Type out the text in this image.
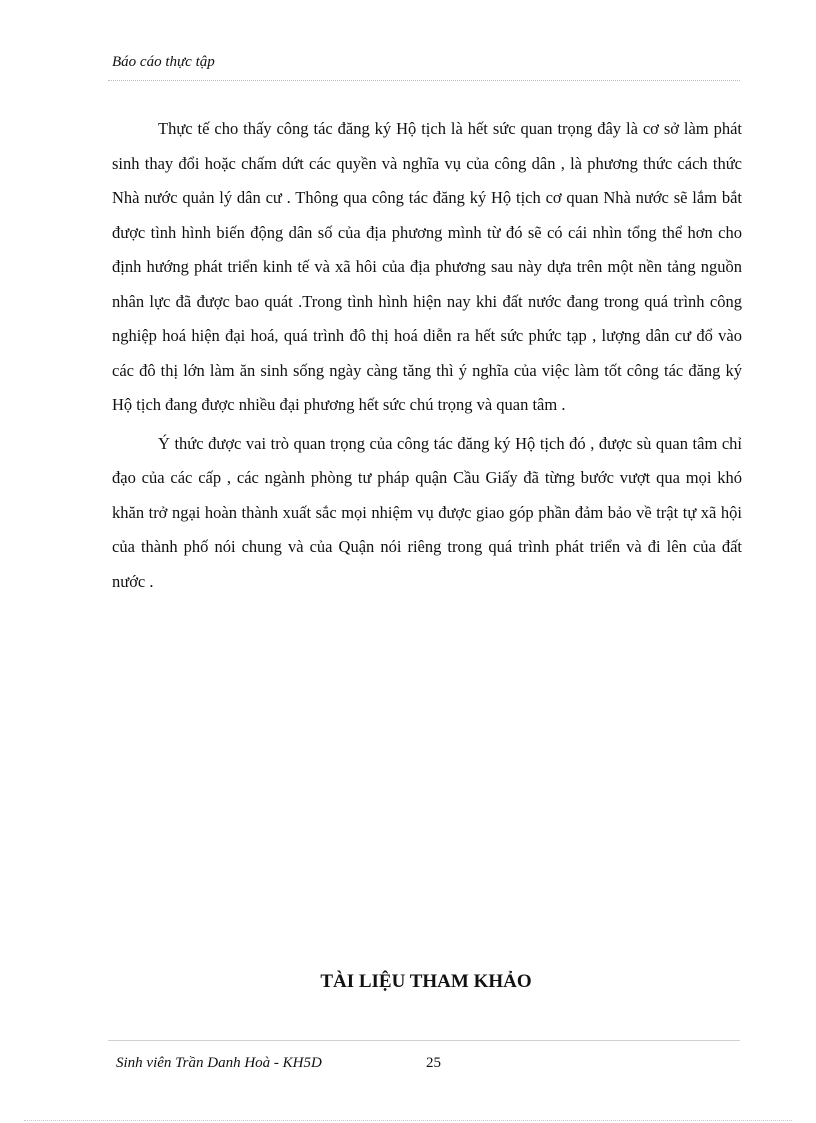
Báo cáo thực tập

Thực tế cho thấy công tác đăng ký Hộ tịch là hết sức quan trọng đây là cơ sở làm phát sinh thay đổi hoặc chấm dứt các quyền và nghĩa vụ của công dân , là phương thức cách thức Nhà nước quản lý dân cư . Thông qua công tác đăng ký Hộ tịch cơ quan Nhà nước sẽ lắm bắt được tình hình biến động dân số của địa phương mình từ đó sẽ có cái nhìn tổng thể hơn cho định hướng phát triển kinh tế và xã hôi của địa phương sau này dựa trên một nền tảng nguồn nhân lực đã được bao quát .Trong tình hình hiện nay khi đất nước đang trong quá trình công nghiệp hoá hiện đại hoá, quá trình đô thị hoá diễn ra hết sức phức tạp , lượng dân cư đổ vào các đô thị lớn làm ăn sinh sống ngày càng tăng thì ý nghĩa của việc làm tốt công tác đăng ký Hộ tịch đang được nhiều đại phương hết sức chú trọng và quan tâm .

Ý thức được vai trò quan trọng của công tác đăng ký Hộ tịch đó , được sù quan tâm chỉ đạo của các cấp , các ngành phòng tư pháp quận Cầu Giấy đã từng bước vượt qua mọi khó khăn trở ngại hoàn thành xuất sắc mọi nhiệm vụ được giao góp phần đảm bảo về trật tự xã hội của thành phố nói chung và của Quận nói riêng trong quá trình phát triển và đi lên của đất nước .

TÀI LIỆU THAM KHẢO
Sinh viên Trần Danh Hoà - KH5D	25
